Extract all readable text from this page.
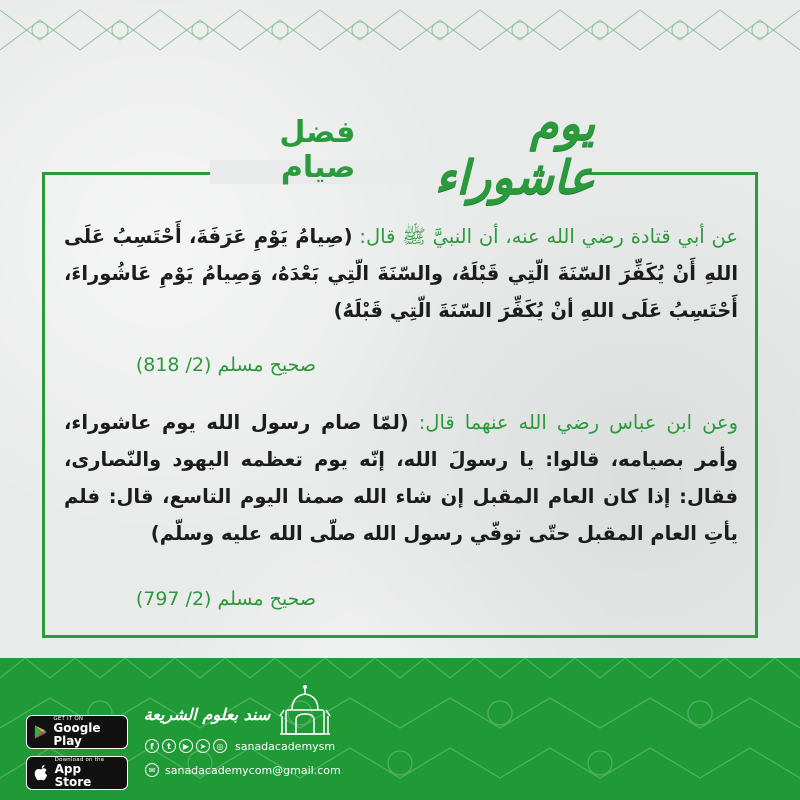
فضل صيام
يوم عاشوراء
عن أبي قتادة رضي الله عنه، أن النبيَّ ﷺ قال: (صِيامُ يَوْمِ عَرَفَةَ، أَحْتَسِبُ عَلَى اللهِ أَنْ يُكَفِّرَ السّنَةَ الّتِي قَبْلَهُ، والسّنَةَ الّتِي بَعْدَهُ، وَصِيامُ يَوْمِ عَاشُوراءَ، أَحْتَسِبُ عَلَى اللهِ أنْ يُكَفِّرَ السّنَةَ الّتِي قَبْلَهُ)
صحيح مسلم (2/ 818)
وعن ابن عباس رضي الله عنهما قال: (لمّا صام رسول الله يوم عاشوراء، وأمر بصيامه، قالوا: يا رسولَ الله، إنّه يوم تعظمه اليهود والنّصارى، فقال: إذا كان العام المقبل إن شاء الله صمنا اليوم التاسع، قال: فلم يأتِ العام المقبل حتّى توفّي رسول الله صلّى الله عليه وسلّم)
صحيح مسلم (2/ 797)
GET IT ON
Google Play
Download on the
App Store
سند بعلوم الشريعة
f	t	▶	➤	◎	sanadacademysm
✉ sanadacademycom@gmail.com
